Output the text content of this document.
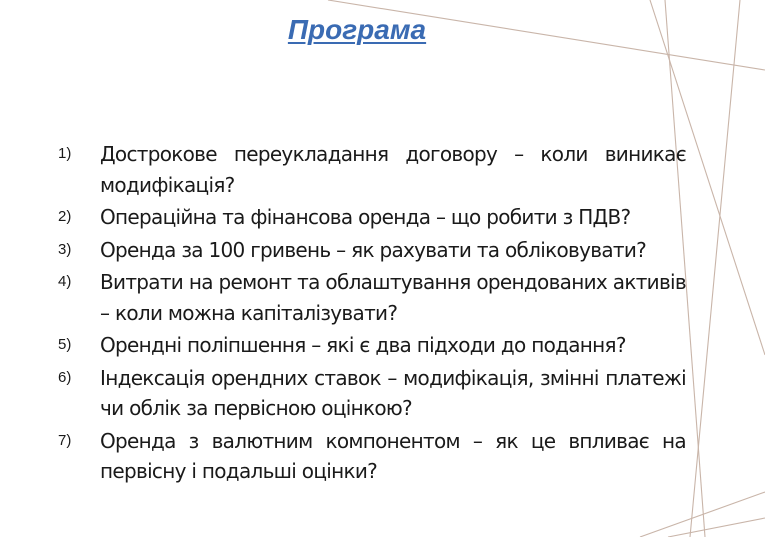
Програма
1) Дострокове переукладання договору – коли виникає модифікація?
2) Операційна та фінансова оренда – що робити з ПДВ?
3) Оренда за 100 гривень – як рахувати та обліковувати?
4) Витрати на ремонт та облаштування орендованих активів – коли можна капіталізувати?
5) Орендні поліпшення – які є два підходи до подання?
6) Індексація орендних ставок – модифікація, змінні платежі чи облік за первісною оцінкою?
7) Оренда з валютним компонентом – як це впливає на первісну і подальші оцінки?
